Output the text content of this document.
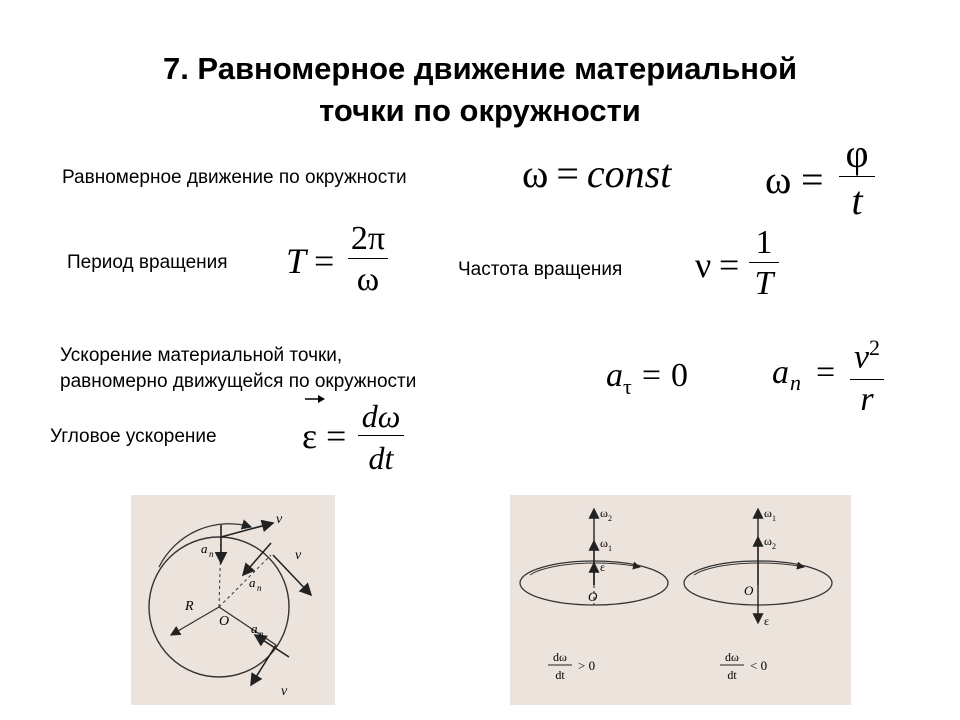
7. Равномерное движение материальной
точки по окружности
Равномерное движение по окружности	ω = const ω =
φ
t
Период вращения T =
2π
ω	Частота вращения ν =
1
T
Ускорение материальной точки,
равномерно движущейся по окружности	$a_\tau = 0$ a $n = v^2$
r
Угловое ускорение ε = dω
dt
v
v
v
a n
a n
a n
R
O
ω 2
ω 1
ε
O
ω 1
ω 2
ε
O
dω
dt
> 0
dω
dt
< 0
